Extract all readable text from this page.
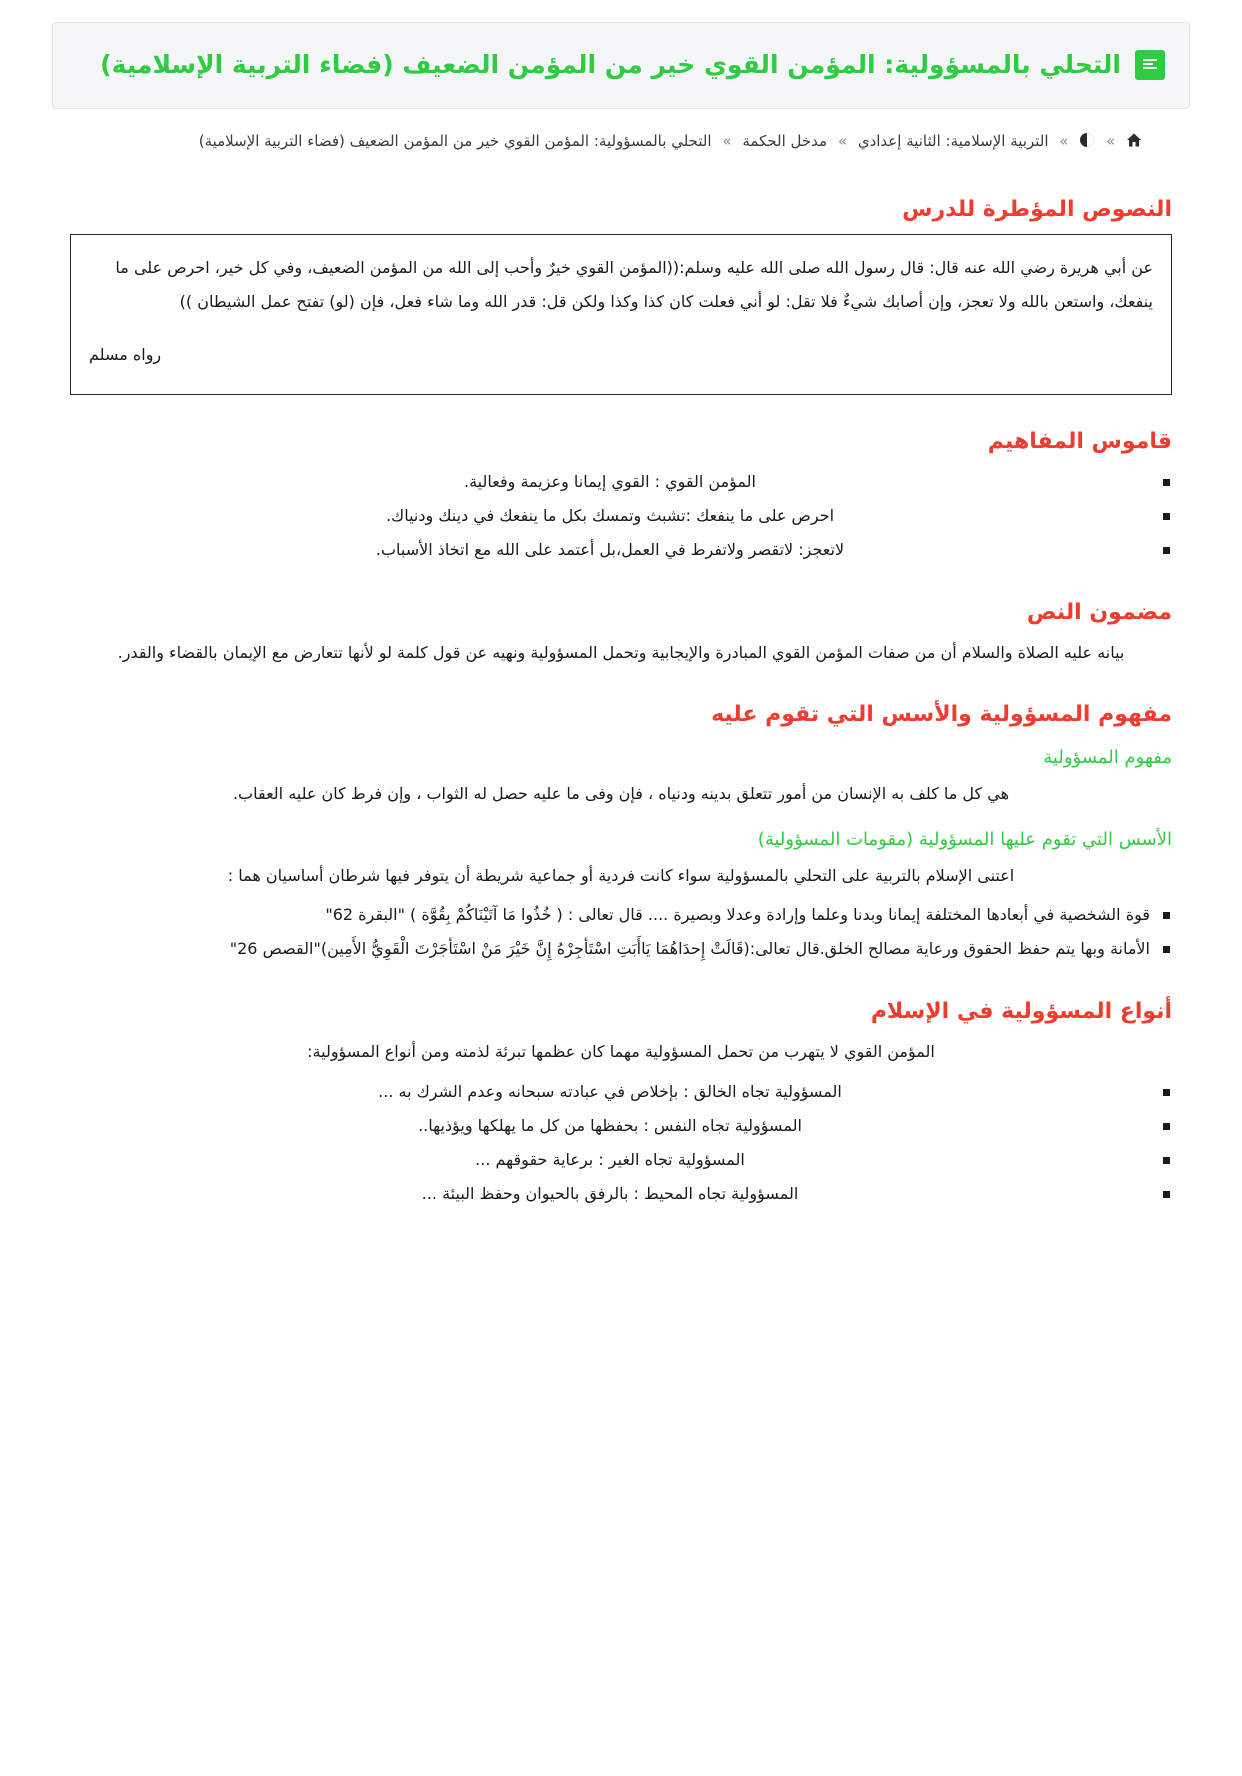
التحلي بالمسؤولية: المؤمن القوي خير من المؤمن الضعيف (فضاء التربية الإسلامية)
»  » التربية الإسلامية: الثانية إعدادي » مدخل الحكمة » التحلي بالمسؤولية: المؤمن القوي خير من المؤمن الضعيف (فضاء التربية الإسلامية)
النصوص المؤطرة للدرس
عن أبي هريرة رضي الله عنه قال: قال رسول الله صلى الله عليه وسلم:((المؤمن القوي خيرٌ وأحب إلى الله من المؤمن الضعيف، وفي كل خير، احرص على ما ينفعك، واستعن بالله ولا تعجز، وإن أصابك شيءٌ فلا تقل: لو أني فعلت كان كذا وكذا ولكن قل: قدر الله وما شاء فعل، فإن (لو) تفتح عمل الشيطان ))
رواه مسلم
قاموس المفاهيم
المؤمن القوي : القوي إيمانا وعزيمة وفعالية.
احرص على ما ينفعك :تشبث وتمسك بكل ما ينفعك في دينك ودنياك.
لاتعجز: لاتقصر ولاتفرط في العمل،بل أعتمد على الله مع اتخاذ الأسباب.
مضمون النص

بيانه عليه الصلاة والسلام أن من صفات المؤمن القوي المبادرة والإيجابية وتحمل المسؤولية ونهيه عن قول كلمة لو لأنها تتعارض مع الإيمان بالقضاء والقدر.

مفهوم المسؤولية والأسس التي تقوم عليه
مفهوم المسؤولية

هي كل ما كلف به الإنسان من أمور تتعلق بدينه ودنياه ، فإن وفى ما عليه حصل له الثواب ، وإن فرط كان عليه العقاب.

الأسس التي تقوم عليها المسؤولية (مقومات المسؤولية)

اعتنى الإسلام بالتربية على التحلي بالمسؤولية سواء كانت فردية أو جماعية شريطة أن يتوفر فيها شرطان أساسيان هما :

قوة الشخصية في أبعادها المختلفة إيمانا وبدنا وعلما وإرادة وعدلا وبصيرة .... قال تعالى : ( خُذُوا مَا آتَيْنَاكُمْ بِقُوَّة ) "البقرة 62"
الأمانة وبها يتم حفظ الحقوق ورعاية مصالح الخلق.قال تعالى:(قَالَتْ إِحدَاهُمَا يَاأَبَتِ اسْتَأجِرْهُ إِنَّ خَيْرَ مَنْ اسْتَأجَرْتَ الْقَوِيُّ الأَمِين)"القصص 26"
أنواع المسؤولية في الإسلام

المؤمن القوي لا يتهرب من تحمل المسؤولية مهما كان عظمها تبرئة لذمته ومن أنواع المسؤولية:

المسؤولية تجاه الخالق : بإخلاص في عبادته سبحانه وعدم الشرك به ...
المسؤولية تجاه النفس : بحفظها من كل ما يهلكها ويؤذيها..
المسؤولية تجاه الغير : برعاية حقوقهم ...
المسؤولية تجاه المحيط : بالرفق بالحيوان وحفظ البيئة ...
